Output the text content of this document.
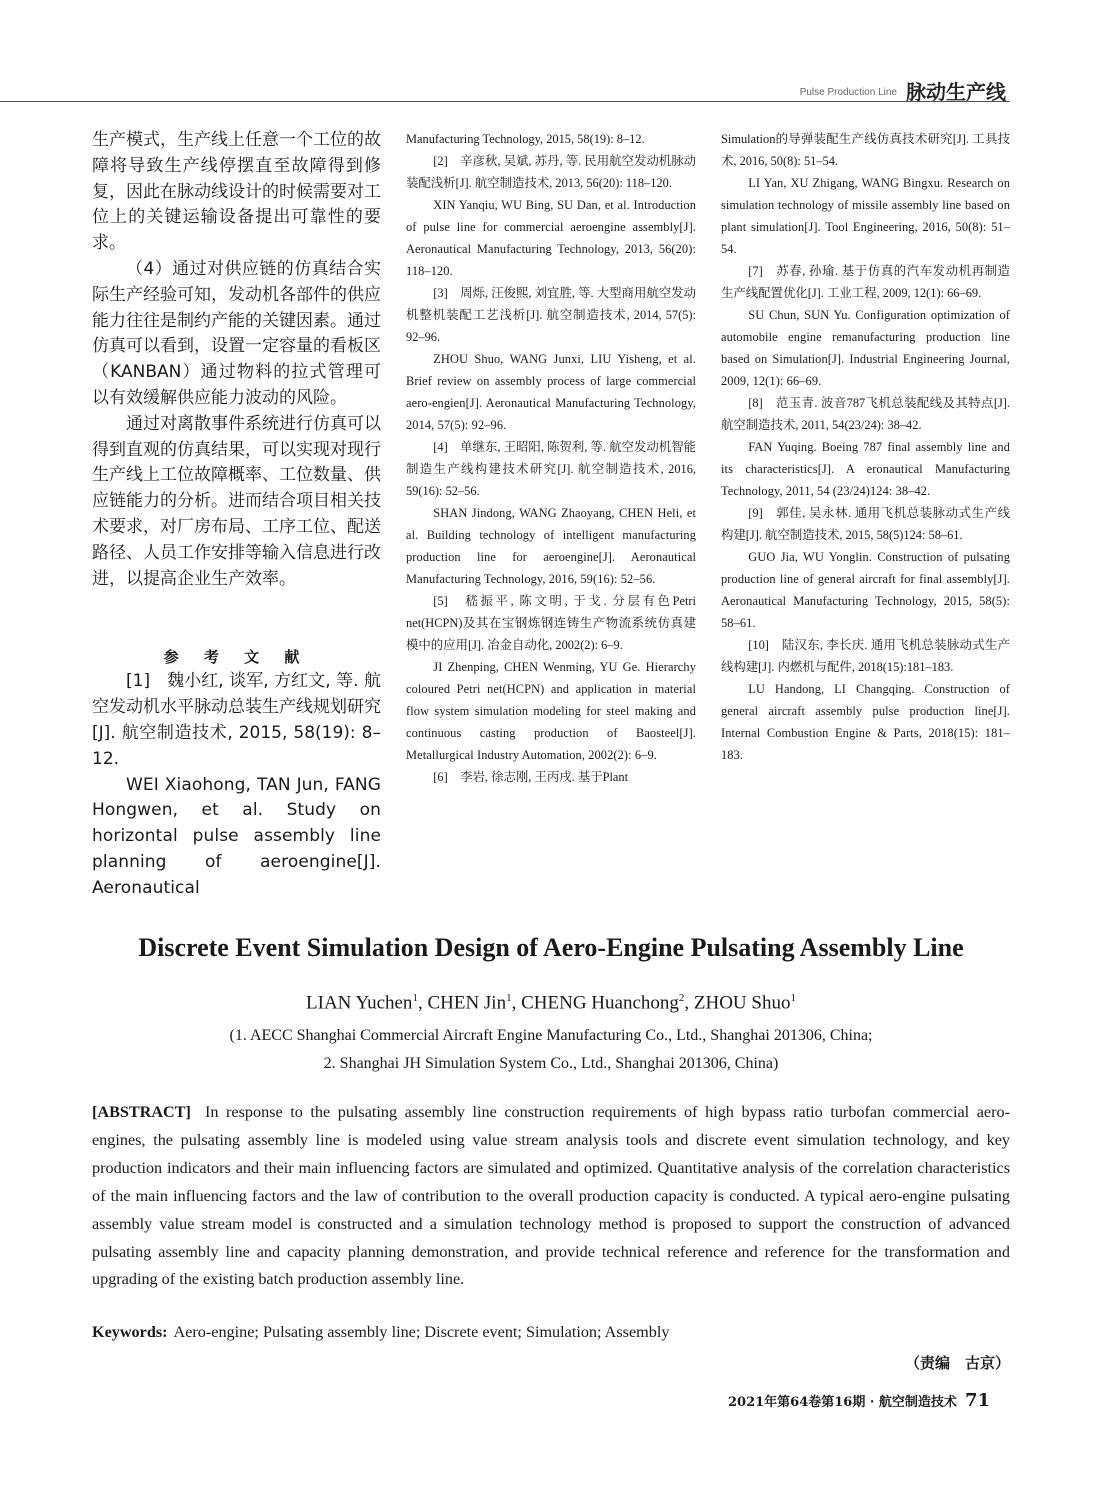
Pulse Production Line 脉动生产线

生产模式，生产线上任意一个工位的故障将导致生产线停摆直至故障得到修复，因此在脉动线设计的时候需要对工位上的关键运输设备提出可靠性的要求。

（4）通过对供应链的仿真结合实际生产经验可知，发动机各部件的供应能力往往是制约产能的关键因素。通过仿真可以看到，设置一定容量的看板区（KANBAN）通过物料的拉式管理可以有效缓解供应能力波动的风险。

通过对离散事件系统进行仿真可以得到直观的仿真结果，可以实现对现行生产线上工位故障概率、工位数量、供应链能力的分析。进而结合项目相关技术要求，对厂房布局、工序工位、配送路径、人员工作安排等输入信息进行改进，以提高企业生产效率。

参 考 文 献

[1]　魏小红, 谈军, 方红文, 等. 航空发动机水平脉动总装生产线规划研究[J]. 航空制造技术, 2015, 58(19): 8–12.

WEI Xiaohong, TAN Jun, FANG Hongwen, et al. Study on horizontal pulse assembly line planning of aeroengine[J]. Aeronautical

Manufacturing Technology, 2015, 58(19): 8–12.

[2]　辛彦秋, 吴斌, 苏丹, 等. 民用航空发动机脉动装配浅析[J]. 航空制造技术, 2013, 56(20): 118–120.

XIN Yanqiu, WU Bing, SU Dan, et al. Introduction of pulse line for commercial aeroengine assembly[J]. Aeronautical Manufacturing Technology, 2013, 56(20): 118–120.

[3]　周烁, 汪俊熙, 刘宜胜, 等. 大型商用航空发动机整机装配工艺浅析[J]. 航空制造技术, 2014, 57(5): 92–96.

ZHOU Shuo, WANG Junxi, LIU Yisheng, et al. Brief review on assembly process of large commercial aero-engien[J]. Aeronautical Manufacturing Technology, 2014, 57(5): 92–96.

[4]　单继东, 王昭阳, 陈贺利, 等. 航空发动机智能制造生产线构建技术研究[J]. 航空制造技术, 2016, 59(16): 52–56.

SHAN Jindong, WANG Zhaoyang, CHEN Heli, et al. Building technology of intelligent manufacturing production line for aeroengine[J]. Aeronautical Manufacturing Technology, 2016, 59(16): 52–56.

[5]　嵇振平, 陈文明, 于戈. 分层有色Petri net(HCPN)及其在宝钢炼钢连铸生产物流系统仿真建模中的应用[J]. 冶金自动化, 2002(2): 6–9.

JI Zhenping, CHEN Wenming, YU Ge. Hierarchy coloured Petri net(HCPN) and application in material flow system simulation modeling for steel making and continuous casting production of Baosteel[J]. Metallurgical Industry Automation, 2002(2): 6–9.

[6]　李岩, 徐志刚, 王丙戌. 基于Plant

Simulation的导弹装配生产线仿真技术研究[J]. 工具技术, 2016, 50(8): 51–54.

LI Yan, XU Zhigang, WANG Bingxu. Research on simulation technology of missile assembly line based on plant simulation[J]. Tool Engineering, 2016, 50(8): 51–54.

[7]　苏春, 孙瑜. 基于仿真的汽车发动机再制造生产线配置优化[J]. 工业工程, 2009, 12(1): 66–69.

SU Chun, SUN Yu. Configuration optimization of automobile engine remanufacturing production line based on Simulation[J]. Industrial Engineering Journal, 2009, 12(1): 66–69.

[8]　范玉青. 波音787飞机总装配线及其特点[J]. 航空制造技术, 2011, 54(23/24): 38–42.

FAN Yuqing. Boeing 787 final assembly line and its characteristics[J]. A eronautical Manufacturing Technology, 2011, 54 (23/24)124: 38–42.

[9]　郭佳, 吴永林. 通用飞机总装脉动式生产线构建[J]. 航空制造技术, 2015, 58(5)124: 58–61.

GUO Jia, WU Yonglin. Construction of pulsating production line of general aircraft for final assembly[J]. Aeronautical Manufacturing Technology, 2015, 58(5): 58–61.

[10]　陆汉东, 李长庆. 通用飞机总装脉动式生产线构建[J]. 内燃机与配件, 2018(15):181–183.

LU Handong, LI Changqing. Construction of general aircraft assembly pulse production line[J]. Internal Combustion Engine & Parts, 2018(15): 181–183.

Discrete Event Simulation Design of Aero-Engine Pulsating Assembly Line
LIAN Yuchen$^1$, CHEN Jin$^1$, CHENG Huanchong$^2$, ZHOU Shuo$^1$
(1. AECC Shanghai Commercial Aircraft Engine Manufacturing Co., Ltd., Shanghai 201306, China;
2. Shanghai JH Simulation System Co., Ltd., Shanghai 201306, China)

[ABSTRACT] In response to the pulsating assembly line construction requirements of high bypass ratio turbofan commercial aero-engines, the pulsating assembly line is modeled using value stream analysis tools and discrete event simulation technology, and key production indicators and their main influencing factors are simulated and optimized. Quantitative analysis of the correlation characteristics of the main influencing factors and the law of contribution to the overall production capacity is conducted. A typical aero-engine pulsating assembly value stream model is constructed and a simulation technology method is proposed to support the construction of advanced pulsating assembly line and capacity planning demonstration, and provide technical reference and reference for the transformation and upgrading of the existing batch production assembly line.

Keywords: Aero-engine; Pulsating assembly line; Discrete event; Simulation; Assembly

（责编　古京）
2021年第64卷第16期 · 航空制造技术 71
